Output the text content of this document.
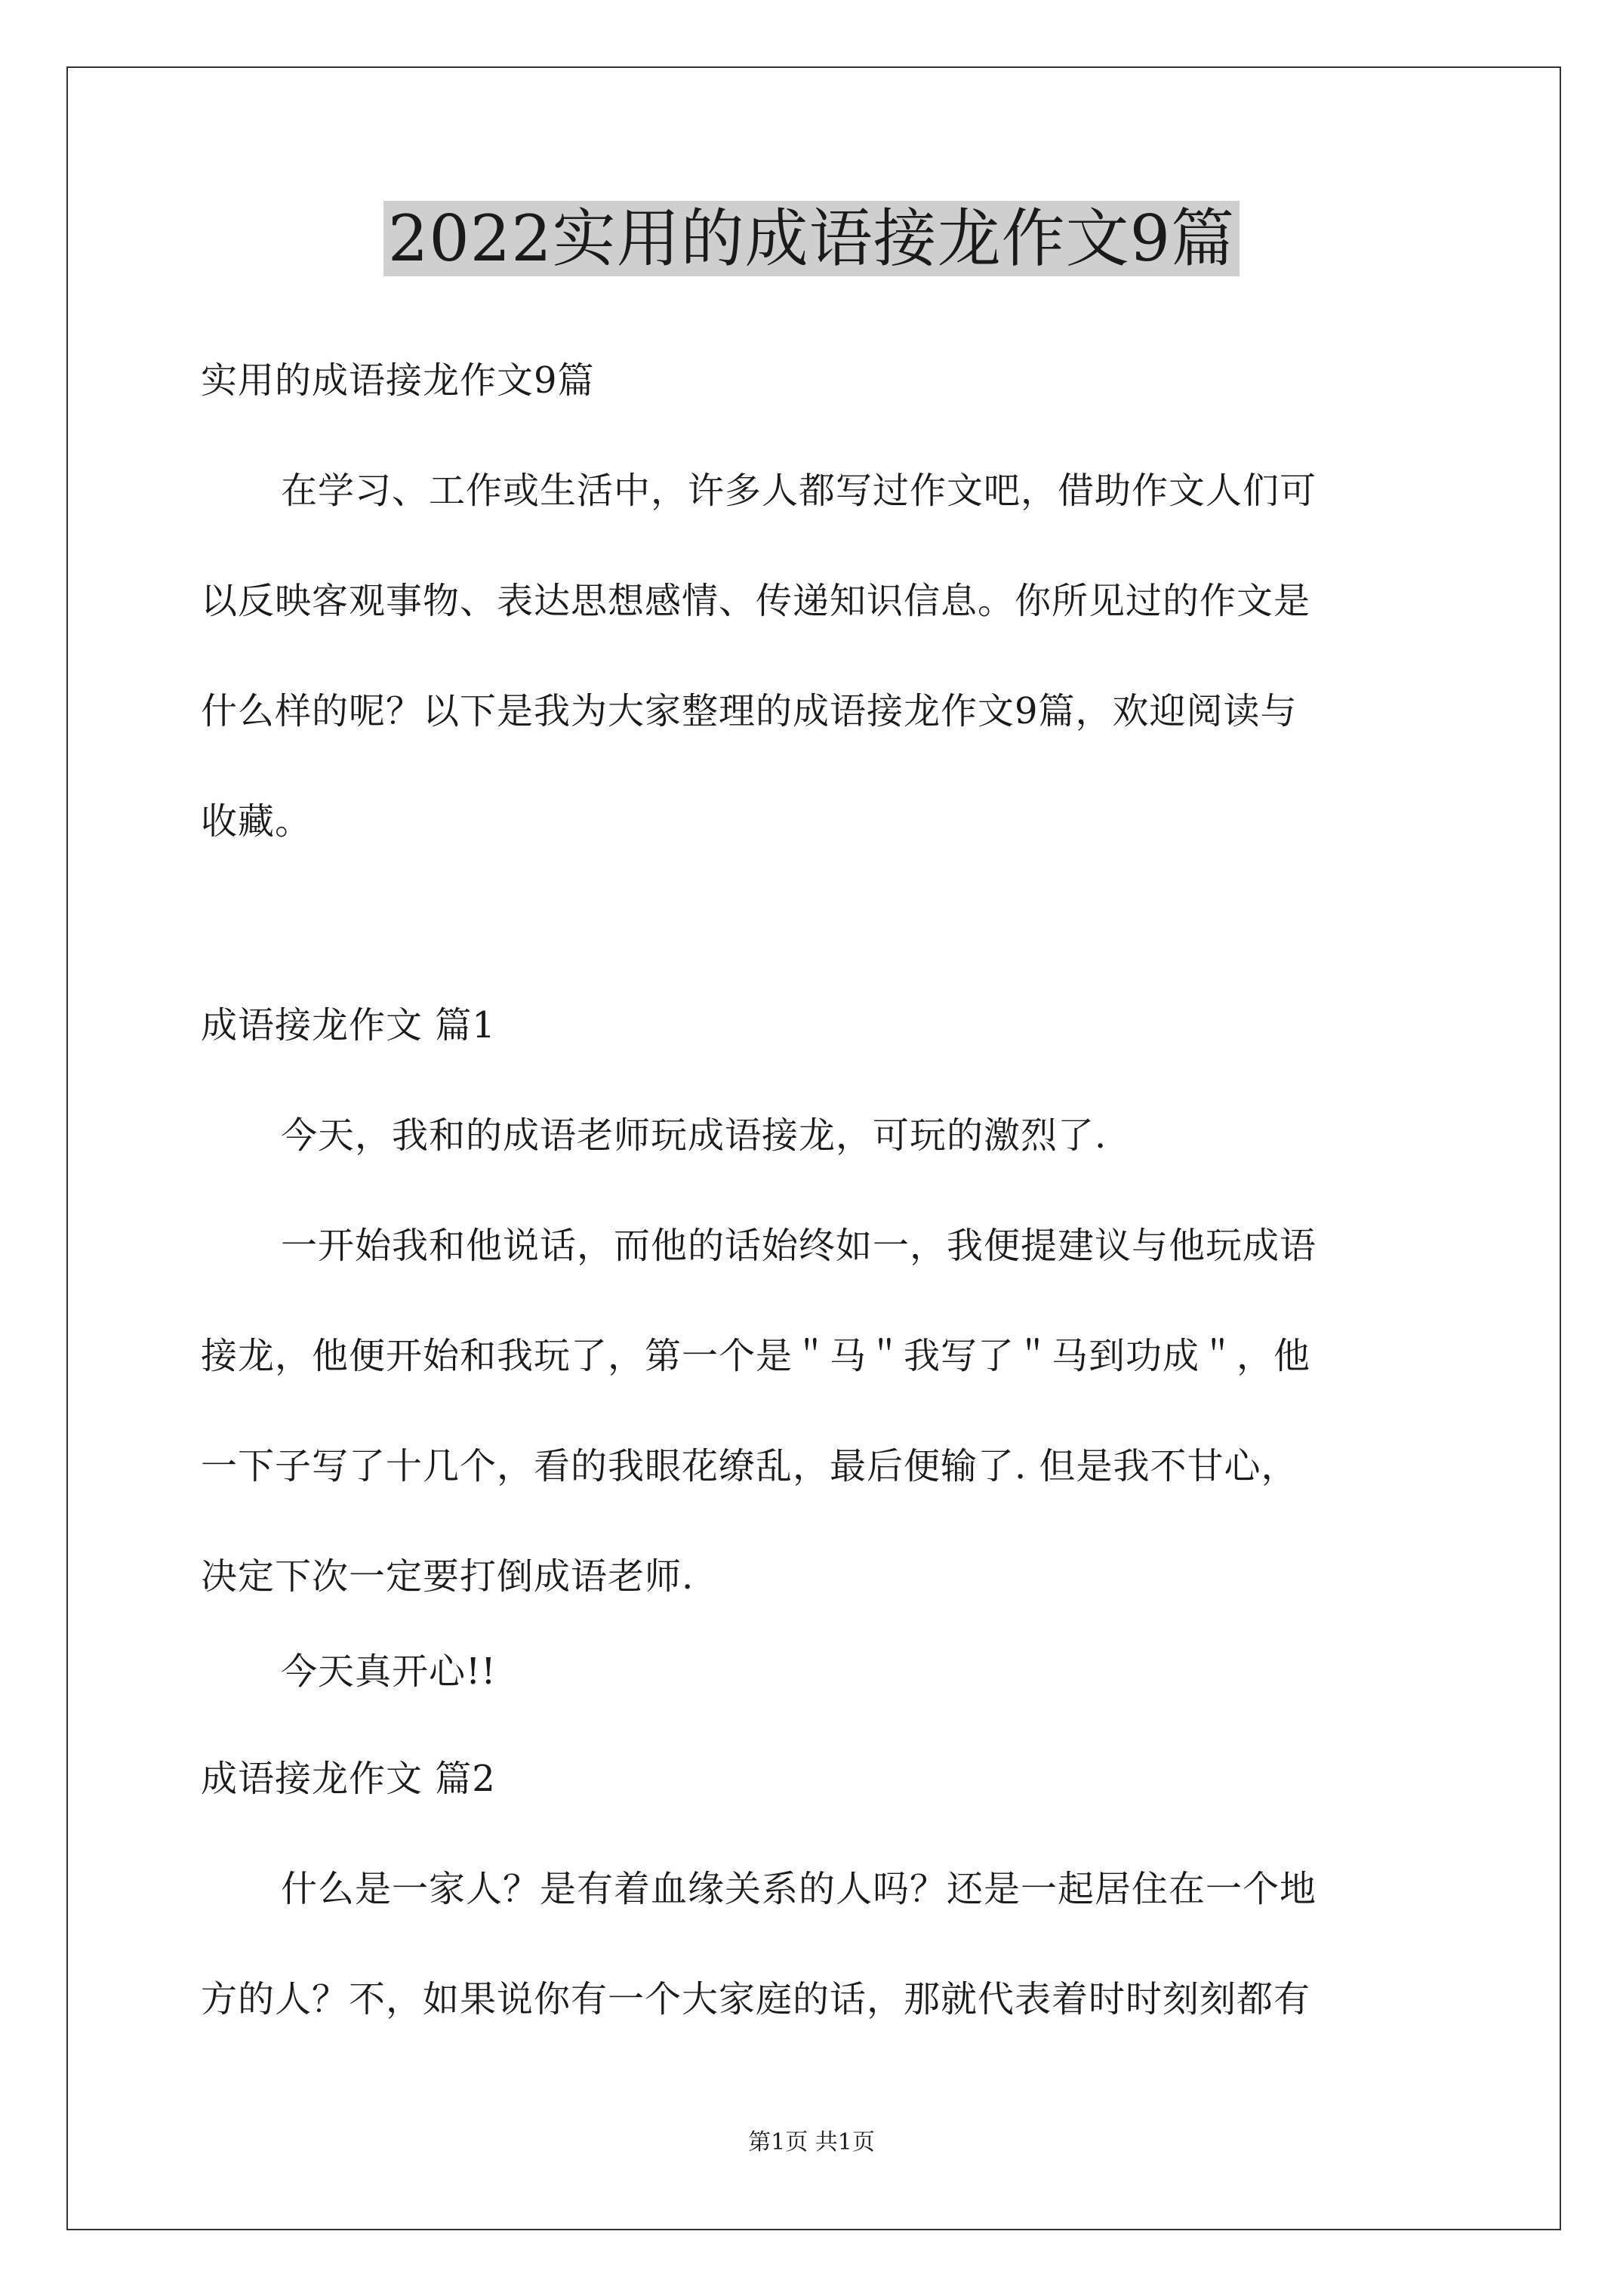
2022实用的成语接龙作文9篇
实用的成语接龙作文9篇
在学习、工作或生活中，许多人都写过作文吧，借助作文人们可
以反映客观事物、表达思想感情、传递知识信息。你所见过的作文是
什么样的呢？以下是我为大家整理的成语接龙作文9篇，欢迎阅读与
收藏。
成语接龙作文 篇1
今天，我和的成语老师玩成语接龙，可玩的激烈了.
一开始我和他说话，而他的话始终如一，我便提建议与他玩成语
接龙，他便开始和我玩了，第一个是＂马＂我写了＂马到功成＂，他
一下子写了十几个，看的我眼花缭乱，最后便输了. 但是我不甘心，
决定下次一定要打倒成语老师.
今天真开心!!
成语接龙作文 篇2
什么是一家人？是有着血缘关系的人吗？还是一起居住在一个地
方的人？不，如果说你有一个大家庭的话，那就代表着时时刻刻都有
第1页 共1页
